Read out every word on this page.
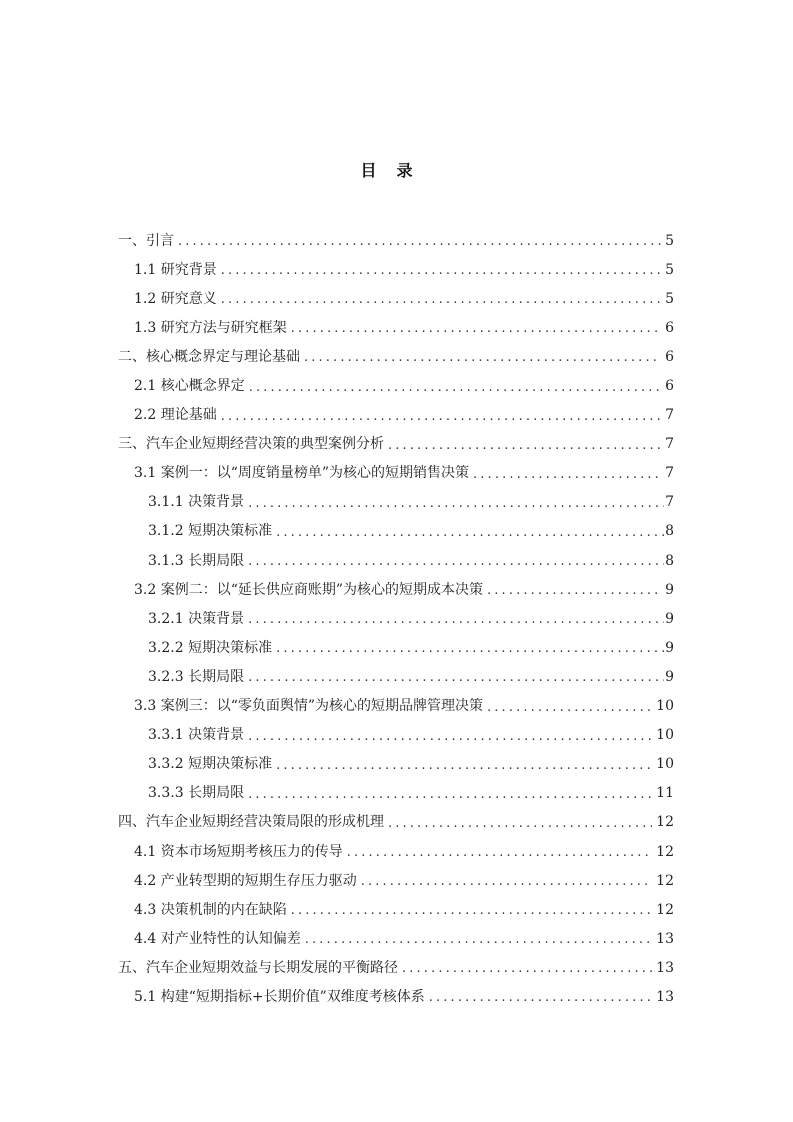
目录
一、引言 . . .	5
1.1 研究背景 . . .	5
1.2 研究意义 . . .	5
1.3 研究方法与研究框架 . . .	6
二、核心概念界定与理论基础 . . .	6
2.1 核心概念界定 . . .	6
2.2 理论基础 . . .	7
三、汽车企业短期经营决策的典型案例分析 . . .	7
3.1 案例一：以“周度销量榜单”为核心的短期销售决策 . . .	7
3.1.1 决策背景 . . .	7
3.1.2 短期决策标准 . . .	8
3.1.3 长期局限 . . .	8
3.2 案例二：以“延长供应商账期”为核心的短期成本决策 . . .	9
3.2.1 决策背景 . . .	9
3.2.2 短期决策标准 . . .	9
3.2.3 长期局限 . . .	9
3.3 案例三：以“零负面舆情”为核心的短期品牌管理决策 . . .	10
3.3.1 决策背景 . . .	10
3.3.2 短期决策标准 . . .	10
3.3.3 长期局限 . . .	11
四、汽车企业短期经营决策局限的形成机理 . . .	12
4.1 资本市场短期考核压力的传导 . . .	12
4.2 产业转型期的短期生存压力驱动 . . .	12
4.3 决策机制的内在缺陷 . . .	12
4.4 对产业特性的认知偏差 . . .	13
五、汽车企业短期效益与长期发展的平衡路径 . . .	13
5.1 构建“短期指标+长期价值”双维度考核体系 . . .	13
